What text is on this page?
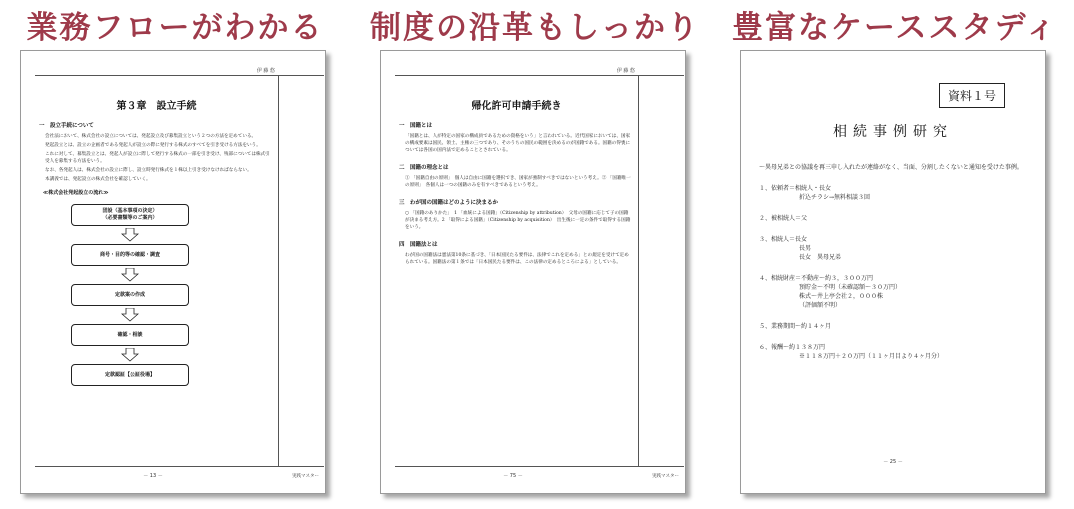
業務フローがわかる
伊 藤 悠
第３章　設立手続
一　設立手続について
会社法において、株式会社の設立については、発起設立及び募集設立という２つの方法を定めている。
発起設立とは、設立の企画者である発起人が設立の際に発行する株式のすべてを引き受ける方法をいう。
これに対して、募集設立とは、発起人が設立に際して発行する株式の一部を引き受け、残部については株式引受人を募集する方法をいう。
なお、各発起人は、株式会社の設立に際し、設立時発行株式を１株以上引き受けなければならない。
本講義では、発起設立の株式会社を確認していく。
≪株式会社発起設立の流れ≫
団設（基本事項の決定）
（必要書類等のご案内）
商号・目的等の確認・調査
定款案の作成
確認・相談
定款認証【公証役場】
－ 13 －	実践マスター
制度の沿革もしっかり
伊 藤 悠
帰化許可申請手続き
一　国籍とは
「国籍とは、人が特定の国家の構成員であるための資格をいう」と言われている。近代国家においては、国家の構成要素は国民、領土、主権の三つであり、そのうちの国民の範囲を決めるのが国籍である。国籍の得喪については各国の国内法で定めることとされている。
二　国籍の理念とは
① 「国籍自由の原則」　個人は自由に国籍を選択でき、国家が強制すべきではないという考え。② 「国籍唯一の原則」　各個人は一つの国籍のみを有すべきであるという考え。
三　わが国の国籍はどのように決まるか
○ 「国籍のありかた」　1 「血統による国籍」（Citizenship by attribution）　父母の国籍に応じて子の国籍が決まる考え方。2 「取得による国籍」（Citizenship by acquisition）　出生後に一定の条件で取得する国籍をいう。
四　国籍法とは
わが国の国籍法は憲法第10条に基づき、「日本国民たる要件は、法律でこれを定める」との規定を受けて定められている。国籍法の第１条では「日本国民たる要件は、この法律の定めるところによる」としている。
－ 75 －	実践マスター
豊富なケーススタディ
資料１号
相続事例研究
～異母兄弟との協議を再三申し入れたが連絡がなく、当面、分割したくないと通知を受けた事例。
１、依頼者＝相続人・長女
折込チラシ→無料相談３回
２、被相続人＝父
３、相続人＝長女
長男
長女　異母兄弟
４、相続財産＝不動産～約３，３００万円
預貯金～不明（未確認額～３０万円）
株式～井上亭会社２，０００株
（評価額不明）
５、業務期間～約１４ヶ月
６、報酬～約１３８万円
※１１８万円＋２０万円（１１ヶ月目より４ヶ月分）
－ 25 －
